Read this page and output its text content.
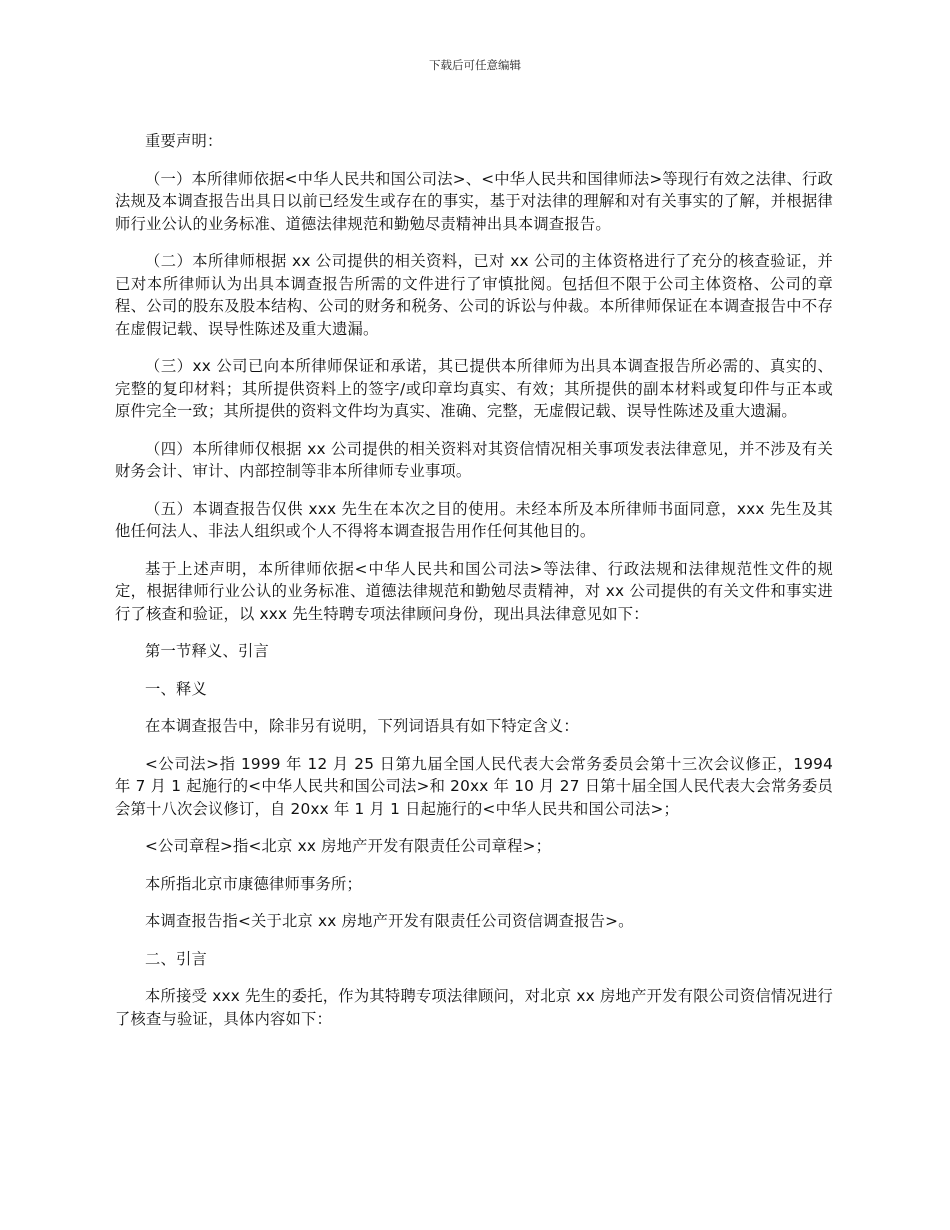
下载后可任意编辑

重要声明：

（一）本所律师依据<中华人民共和国公司法>、<中华人民共和国律师法>等现行有效之法律、行政法规及本调查报告出具日以前已经发生或存在的事实，基于对法律的理解和对有关事实的了解，并根据律师行业公认的业务标准、道德法律规范和勤勉尽责精神出具本调查报告。

（二）本所律师根据 xx 公司提供的相关资料，已对 xx 公司的主体资格进行了充分的核查验证，并已对本所律师认为出具本调查报告所需的文件进行了审慎批阅。包括但不限于公司主体资格、公司的章程、公司的股东及股本结构、公司的财务和税务、公司的诉讼与仲裁。本所律师保证在本调查报告中不存在虚假记载、误导性陈述及重大遗漏。

（三）xx 公司已向本所律师保证和承诺，其已提供本所律师为出具本调查报告所必需的、真实的、完整的复印材料；其所提供资料上的签字/或印章均真实、有效；其所提供的副本材料或复印件与正本或原件完全一致；其所提供的资料文件均为真实、准确、完整，无虚假记载、误导性陈述及重大遗漏。

（四）本所律师仅根据 xx 公司提供的相关资料对其资信情况相关事项发表法律意见，并不涉及有关财务会计、审计、内部控制等非本所律师专业事项。

（五）本调查报告仅供 xxx 先生在本次之目的使用。未经本所及本所律师书面同意，xxx 先生及其他任何法人、非法人组织或个人不得将本调查报告用作任何其他目的。

基于上述声明，本所律师依据<中华人民共和国公司法>等法律、行政法规和法律规范性文件的规定，根据律师行业公认的业务标准、道德法律规范和勤勉尽责精神，对 xx 公司提供的有关文件和事实进行了核查和验证，以 xxx 先生特聘专项法律顾问身份，现出具法律意见如下：

第一节释义、引言

一、释义

在本调查报告中，除非另有说明，下列词语具有如下特定含义：

<公司法>指 1999 年 12 月 25 日第九届全国人民代表大会常务委员会第十三次会议修正，1994 年 7 月 1 起施行的<中华人民共和国公司法>和 20xx 年 10 月 27 日第十届全国人民代表大会常务委员会第十八次会议修订，自 20xx 年 1 月 1 日起施行的<中华人民共和国公司法>；

<公司章程>指<北京 xx 房地产开发有限责任公司章程>；

本所指北京市康德律师事务所；

本调查报告指<关于北京 xx 房地产开发有限责任公司资信调查报告>。

二、引言

本所接受 xxx 先生的委托，作为其特聘专项法律顾问，对北京 xx 房地产开发有限公司资信情况进行了核查与验证，具体内容如下：
